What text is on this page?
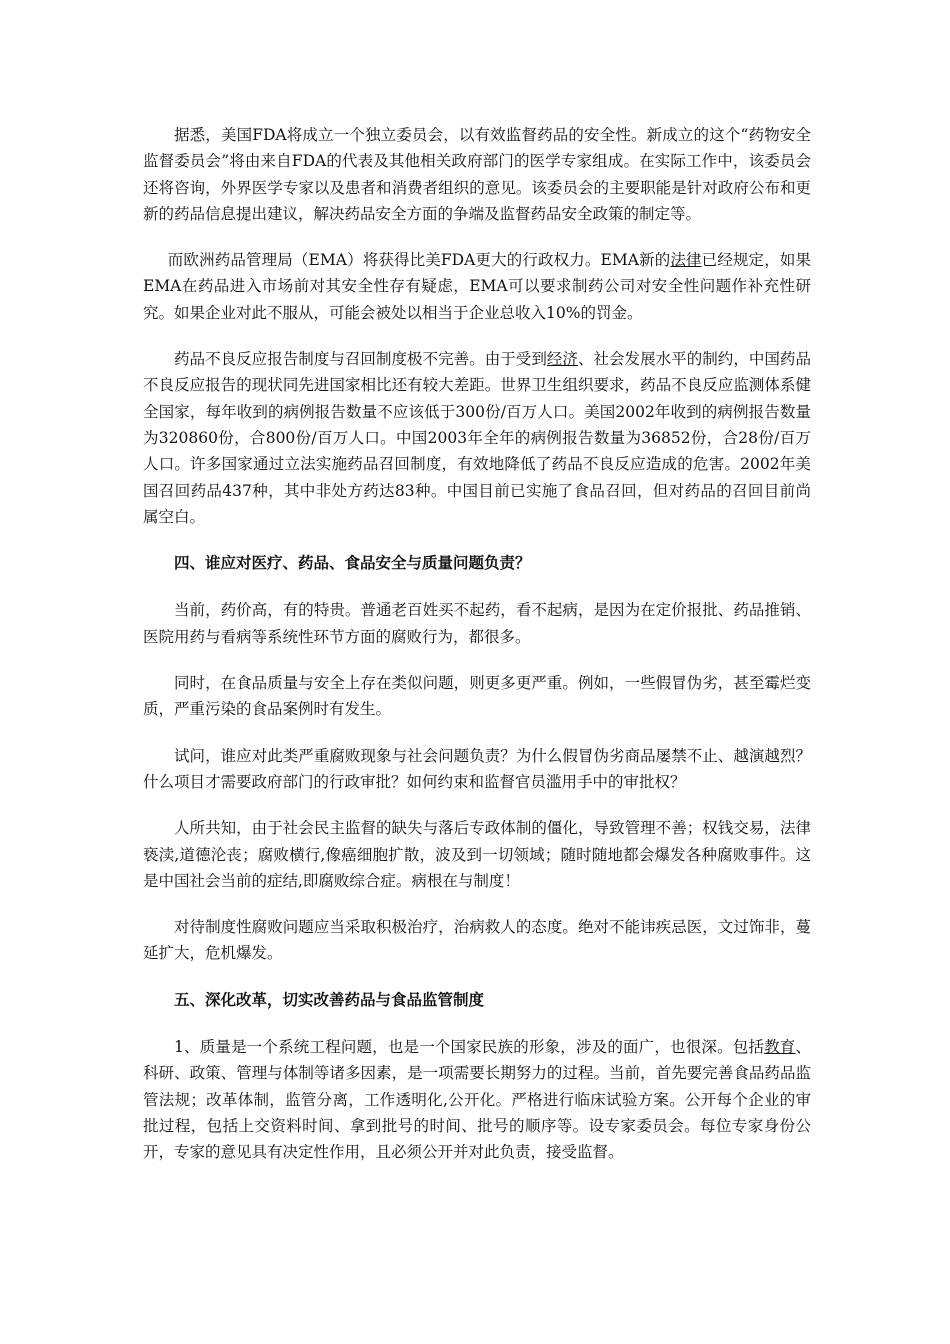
据悉，美国FDA将成立一个独立委员会，以有效监督药品的安全性。新成立的这个“药物安全监督委员会”将由来自FDA的代表及其他相关政府部门的医学专家组成。在实际工作中，该委员会还将咨询，外界医学专家以及患者和消费者组织的意见。该委员会的主要职能是针对政府公布和更新的药品信息提出建议，解决药品安全方面的争端及监督药品安全政策的制定等。

而欧洲药品管理局（EMA）将获得比美FDA更大的行政权力。EMA新的法律已经规定，如果EMA在药品进入市场前对其安全性存有疑虑，EMA可以要求制药公司对安全性问题作补充性研究。如果企业对此不服从，可能会被处以相当于企业总收入10%的罚金。

药品不良反应报告制度与召回制度极不完善。由于受到经济、社会发展水平的制约，中国药品不良反应报告的现状同先进国家相比还有较大差距。世界卫生组织要求，药品不良反应监测体系健全国家，每年收到的病例报告数量不应该低于300份/百万人口。美国2002年收到的病例报告数量为320860份，合800份/百万人口。中国2003年全年的病例报告数量为36852份，合28份/百万人口。许多国家通过立法实施药品召回制度，有效地降低了药品不良反应造成的危害。2002年美国召回药品437种，其中非处方药达83种。中国目前已实施了食品召回，但对药品的召回目前尚属空白。

四、谁应对医疗、药品、食品安全与质量问题负责？

当前，药价高，有的特贵。普通老百姓买不起药，看不起病，是因为在定价报批、药品推销、医院用药与看病等系统性环节方面的腐败行为，都很多。

同时，在食品质量与安全上存在类似问题，则更多更严重。例如，一些假冒伪劣，甚至霉烂变质，严重污染的食品案例时有发生。

试问，谁应对此类严重腐败现象与社会问题负责？为什么假冒伪劣商品屡禁不止、越演越烈？什么项目才需要政府部门的行政审批？如何约束和监督官员滥用手中的审批权？

人所共知，由于社会民主监督的缺失与落后专政体制的僵化，导致管理不善；权钱交易，法律亵渎,道德沦丧；腐败横行,像癌细胞扩散，波及到一切领域；随时随地都会爆发各种腐败事件。这是中国社会当前的症结,即腐败综合症。病根在与制度！

对待制度性腐败问题应当采取积极治疗，治病救人的态度。绝对不能讳疾忌医，文过饰非，蔓延扩大，危机爆发。

五、深化改革，切实改善药品与食品监管制度

1、质量是一个系统工程问题，也是一个国家民族的形象，涉及的面广，也很深。包括教育、科研、政策、管理与体制等诸多因素，是一项需要长期努力的过程。当前，首先要完善食品药品监管法规；改革体制，监管分离，工作透明化,公开化。严格进行临床试验方案。公开每个企业的审批过程，包括上交资料时间、拿到批号的时间、批号的顺序等。设专家委员会。每位专家身份公开，专家的意见具有决定性作用，且必须公开并对此负责，接受监督。
